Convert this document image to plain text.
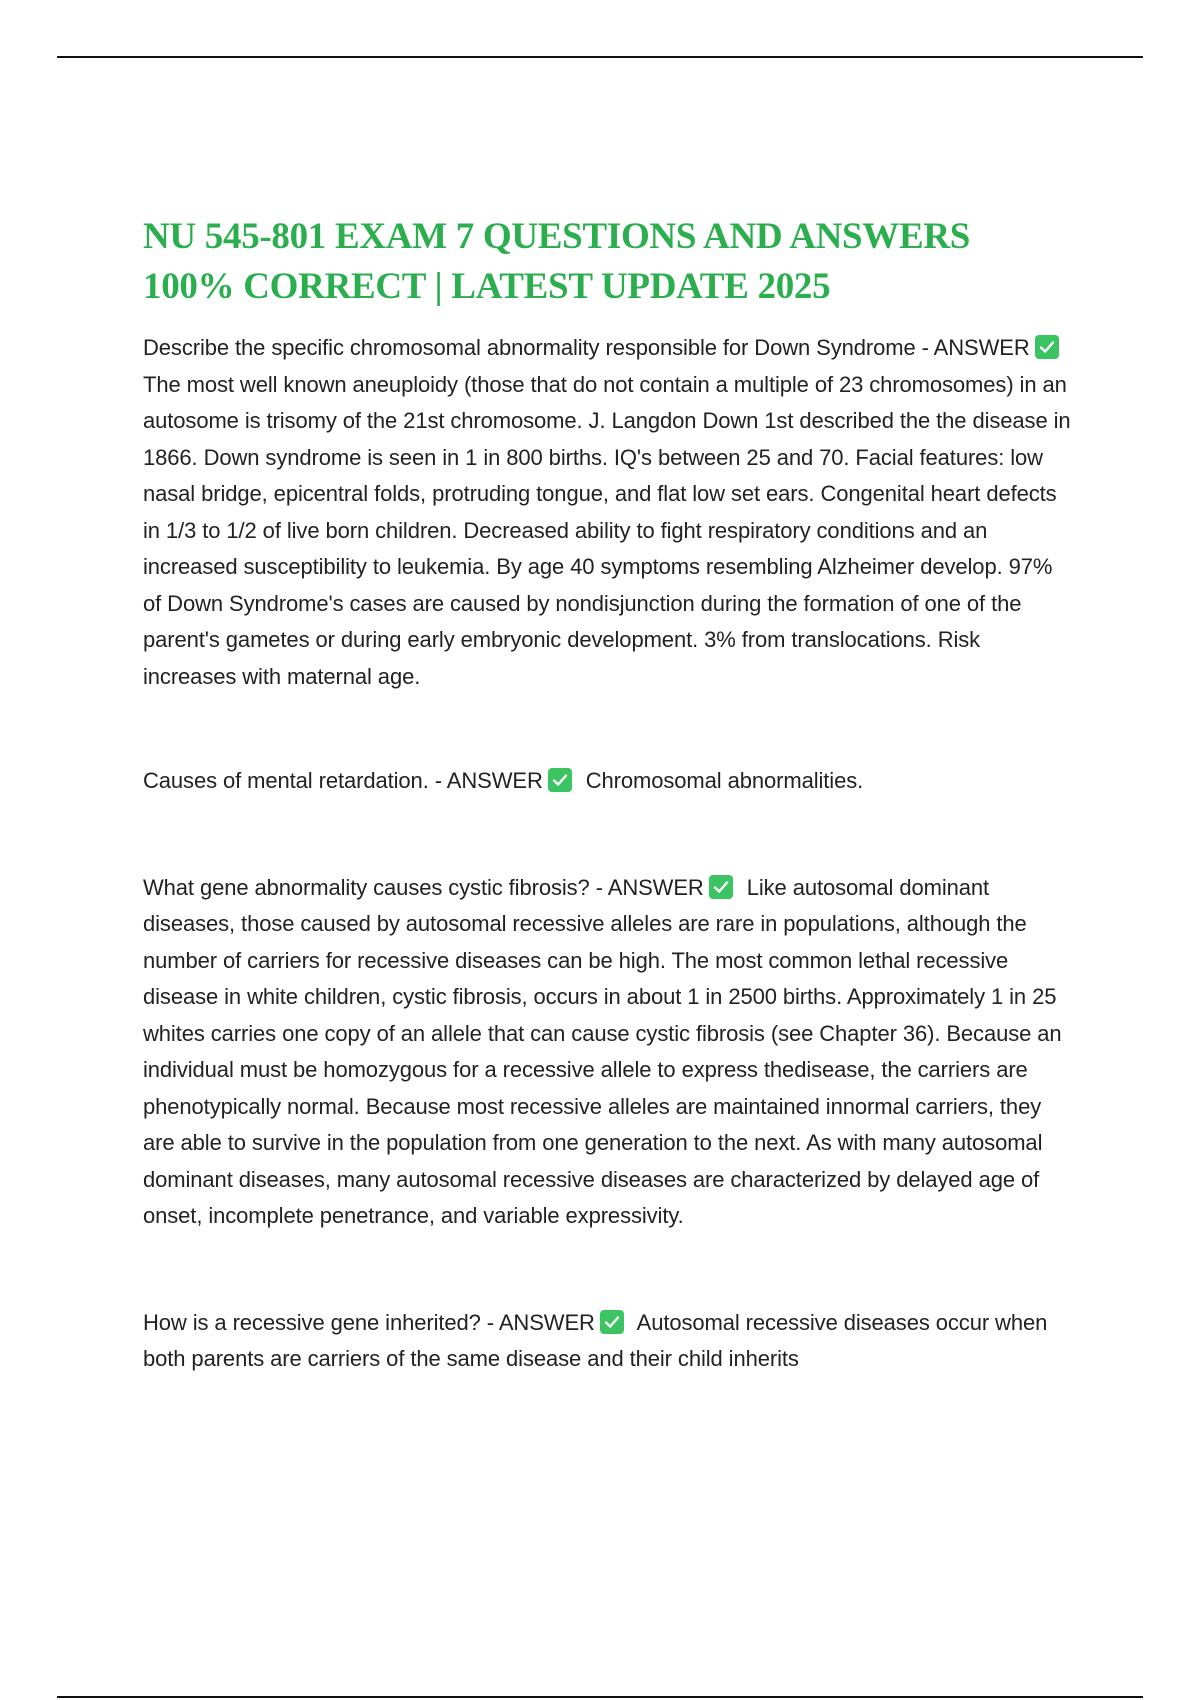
NU 545-801 EXAM 7 QUESTIONS AND ANSWERS
100% CORRECT | LATEST UPDATE 2025

Describe the specific chromosomal abnormality responsible for Down Syndrome - ANSWER
The most well known aneuploidy (those that do not contain a multiple of 23 chromosomes) in an autosome is trisomy of the 21st chromosome. J. Langdon Down 1st described the the disease in 1866. Down syndrome is seen in 1 in 800 births. IQ's between 25 and 70. Facial features: low nasal bridge, epicentral folds, protruding tongue, and flat low set ears. Congenital heart defects in 1/3 to 1/2 of live born children. Decreased ability to fight respiratory conditions and an increased susceptibility to leukemia. By age 40 symptoms resembling Alzheimer develop. 97% of Down Syndrome's cases are caused by nondisjunction during the formation of one of the parent's gametes or during early embryonic development. 3% from translocations. Risk increases with maternal age.

Causes of mental retardation. - ANSWER Chromosomal abnormalities.

What gene abnormality causes cystic fibrosis? - ANSWER Like autosomal dominant diseases, those caused by autosomal recessive alleles are rare in populations, although the number of carriers for recessive diseases can be high. The most common lethal recessive disease in white children, cystic fibrosis, occurs in about 1 in 2500 births. Approximately 1 in 25 whites carries one copy of an allele that can cause cystic fibrosis (see Chapter 36). Because an individual must be homozygous for a recessive allele to express thedisease, the carriers are phenotypically normal. Because most recessive alleles are maintained innormal carriers, they are able to survive in the population from one generation to the next. As with many autosomal dominant diseases, many autosomal recessive diseases are characterized by delayed age of onset, incomplete penetrance, and variable expressivity.

How is a recessive gene inherited? - ANSWER Autosomal recessive diseases occur when both parents are carriers of the same disease and their child inherits
